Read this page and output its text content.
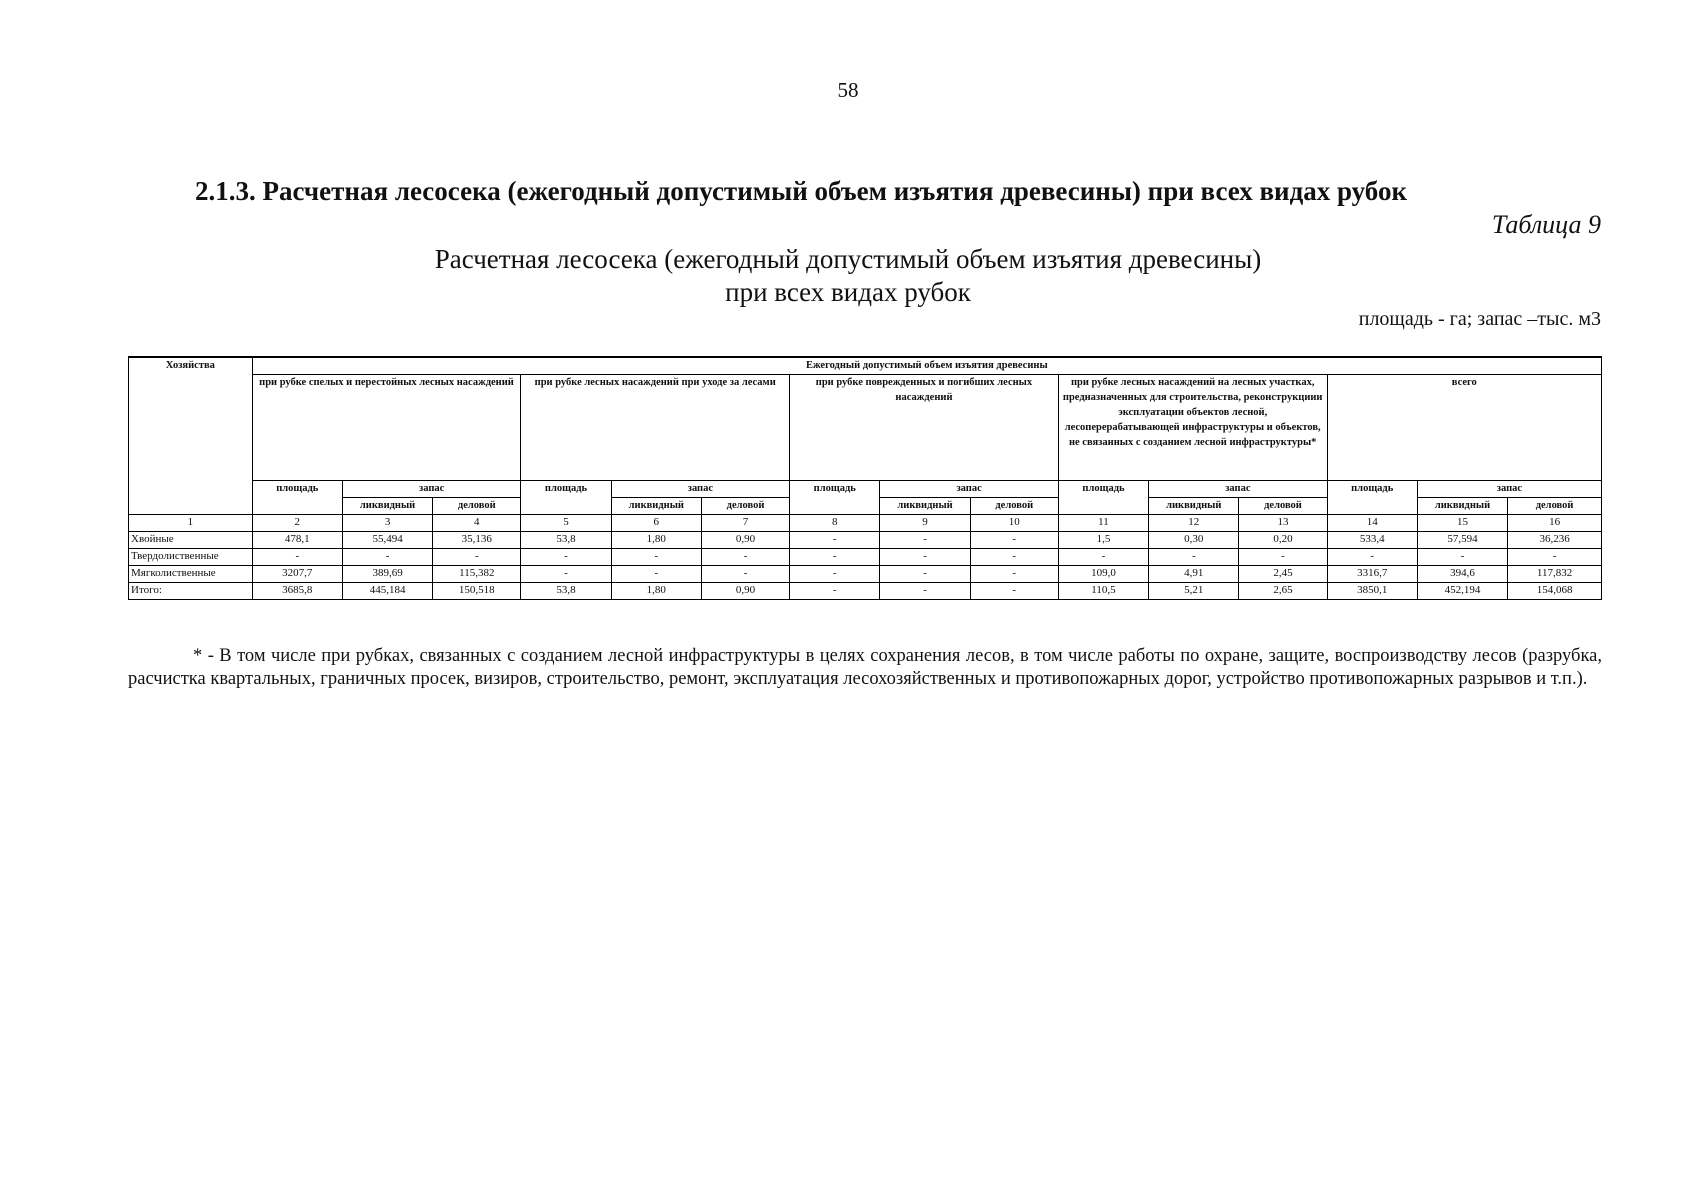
58
2.1.3. Расчетная лесосека (ежегодный допустимый объем изъятия древесины) при всех видах рубок
Таблица 9
Расчетная лесосека (ежегодный допустимый объем изъятия древесины)
при всех видах рубок
площадь - га; запас –тыс. м3
Хозяйства	Ежегодный допустимый объем изъятия древесины														
	при рубке спелых и перестойных лесных насаждений			при рубке лесных насаждений при уходе за лесами			при рубке поврежденных и погибших лесных насаждений			при рубке лесных насаждений на лесных участках, предназначенных для строительства, реконструкциии эксплуатации объектов лесной, лесоперерабатывающей инфраструктуры и объектов, не связанных с созданием лесной инфраструктуры*			всего		
	площадь	запас		площадь	запас		площадь	запас		площадь	запас		площадь	запас	
		ликвидный	деловой		ликвидный	деловой		ликвидный	деловой		ликвидный	деловой		ликвидный	деловой
1	2	3	4	5	6	7	8	9	10	11	12	13	14	15	16
Хвойные	478,1	55,494	35,136	53,8	1,80	0,90	-	-	-	1,5	0,30	0,20	533,4	57,594	36,236
Твердолиственные	-	-	-	-	-	-	-	-	-	-	-	-	-	-	-
Мягколиственные	3207,7	389,69	115,382	-	-	-	-	-	-	109,0	4,91	2,45	3316,7	394,6	117,832
Итого:	3685,8	445,184	150,518	53,8	1,80	0,90	-	-	-	110,5	5,21	2,65	3850,1	452,194	154,068
* - В том числе при рубках, связанных с созданием лесной инфраструктуры в целях сохранения лесов, в том числе работы по охране, защите, воспроизводству лесов (разрубка, расчистка квартальных, граничных просек, визиров, строительство, ремонт, эксплуатация лесохозяйственных и противопожарных дорог, устройство противопожарных разрывов и т.п.).
